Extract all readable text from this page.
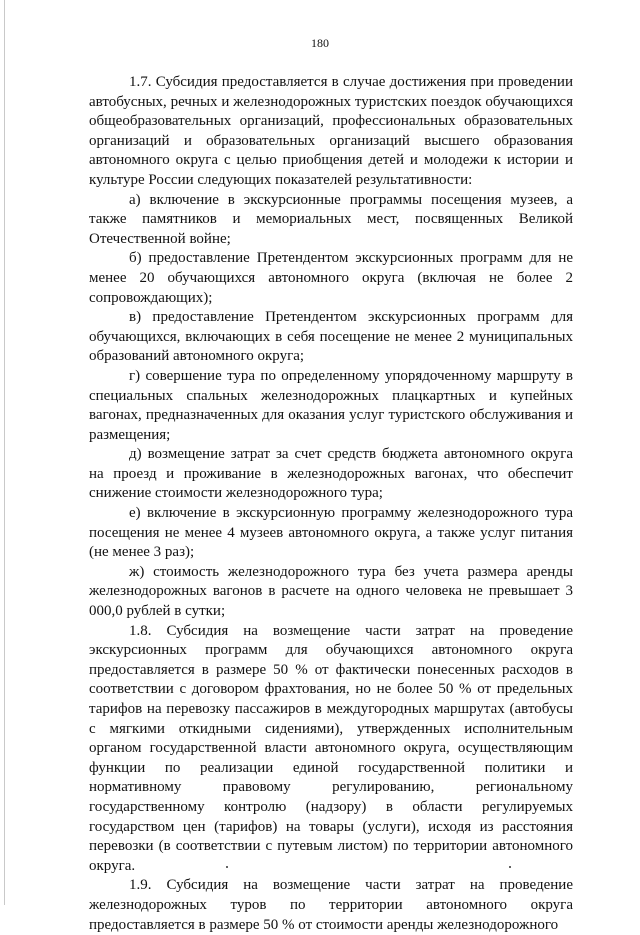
180

1.7. Субсидия предоставляется в случае достижения при проведении автобусных, речных и железнодорожных туристских поездок обучающихся общеобразовательных организаций, профессиональных образовательных организаций и образовательных организаций высшего образования автономного округа с целью приобщения детей и молодежи к истории и культуре России следующих показателей результативности:

а) включение в экскурсионные программы посещения музеев, а также памятников и мемориальных мест, посвященных Великой Отечественной войне;

б) предоставление Претендентом экскурсионных программ для не менее 20 обучающихся автономного округа (включая не более 2 сопровождающих);

в) предоставление Претендентом экскурсионных программ для обучающихся, включающих в себя посещение не менее 2 муниципальных образований автономного округа;

г) совершение тура по определенному упорядоченному маршруту в специальных спальных железнодорожных плацкартных и купейных вагонах, предназначенных для оказания услуг туристского обслуживания и размещения;

д) возмещение затрат за счет средств бюджета автономного округа на проезд и проживание в железнодорожных вагонах, что обеспечит снижение стоимости железнодорожного тура;

е) включение в экскурсионную программу железнодорожного тура посещения не менее 4 музеев автономного округа, а также услуг питания (не менее 3 раз);

ж) стоимость железнодорожного тура без учета размера аренды железнодорожных вагонов в расчете на одного человека не превышает 3 000,0 рублей в сутки;

1.8. Субсидия на возмещение части затрат на проведение экскурсионных программ для обучающихся автономного округа предоставляется в размере 50 % от фактически понесенных расходов в соответствии с договором фрахтования, но не более 50 % от предельных тарифов на перевозку пассажиров в междугородных маршрутах (автобусы с мягкими откидными сидениями), утвержденных исполнительным органом государственной власти автономного округа, осуществляющим функции по реализации единой государственной политики и нормативному правовому регулированию, региональному государственному контролю (надзору) в области регулируемых государством цен (тарифов) на товары (услуги), исходя из расстояния перевозки (в соответствии с путевым листом) по территории автономного округа.

1.9. Субсидия на возмещение части затрат на проведение железнодорожных туров по территории автономного округа предоставляется в размере 50 % от стоимости аренды железнодорожного
